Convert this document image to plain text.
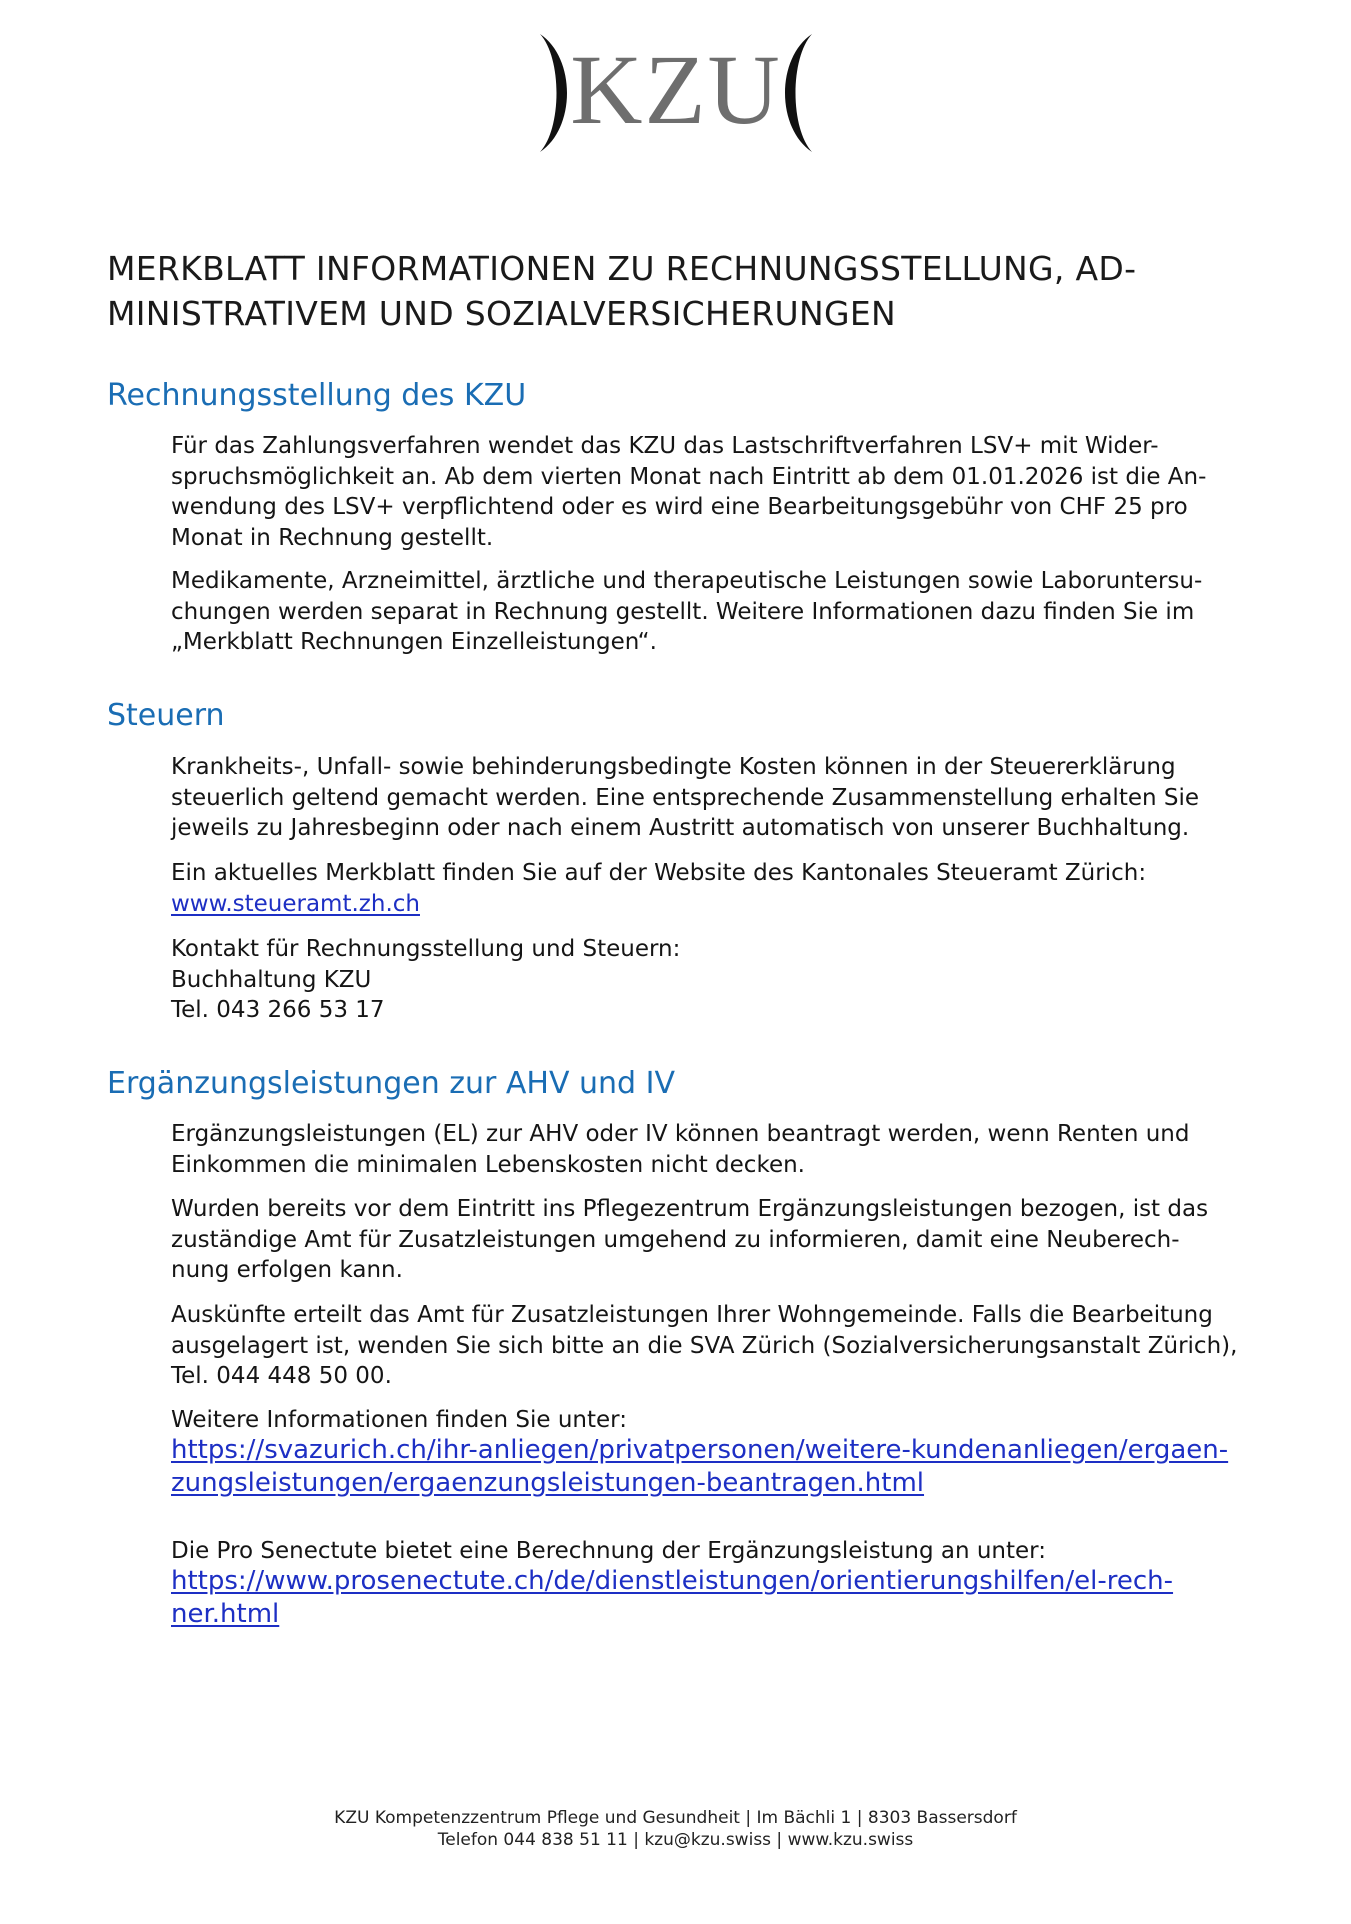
KZU
MERKBLATT INFORMATIONEN ZU RECHNUNGSSTELLUNG, AD-
MINISTRATIVEM UND SOZIALVERSICHERUNGEN
Rechnungsstellung des KZU

Für das Zahlungsverfahren wendet das KZU das Lastschriftverfahren LSV+ mit Wider-
spruchsmöglichkeit an. Ab dem vierten Monat nach Eintritt ab dem 01.01.2026 ist die An-
wendung des LSV+ verpflichtend oder es wird eine Bearbeitungsgebühr von CHF 25 pro
Monat in Rechnung gestellt.

Medikamente, Arzneimittel, ärztliche und therapeutische Leistungen sowie Laboruntersu-
chungen werden separat in Rechnung gestellt. Weitere Informationen dazu finden Sie im
„Merkblatt Rechnungen Einzelleistungen“.

Steuern

Krankheits-, Unfall- sowie behinderungsbedingte Kosten können in der Steuererklärung
steuerlich geltend gemacht werden. Eine entsprechende Zusammenstellung erhalten Sie
jeweils zu Jahresbeginn oder nach einem Austritt automatisch von unserer Buchhaltung.

Ein aktuelles Merkblatt finden Sie auf der Website des Kantonales Steueramt Zürich:
www.steueramt.zh.ch

Kontakt für Rechnungsstellung und Steuern:
Buchhaltung KZU
Tel. 043 266 53 17

Ergänzungsleistungen zur AHV und IV

Ergänzungsleistungen (EL) zur AHV oder IV können beantragt werden, wenn Renten und
Einkommen die minimalen Lebenskosten nicht decken.

Wurden bereits vor dem Eintritt ins Pflegezentrum Ergänzungsleistungen bezogen, ist das
zuständige Amt für Zusatzleistungen umgehend zu informieren, damit eine Neuberech-
nung erfolgen kann.

Auskünfte erteilt das Amt für Zusatzleistungen Ihrer Wohngemeinde. Falls die Bearbeitung
ausgelagert ist, wenden Sie sich bitte an die SVA Zürich (Sozialversicherungsanstalt Zürich),
Tel. 044 448 50 00.

Weitere Informationen finden Sie unter:

https://svazurich.ch/ihr-anliegen/privatpersonen/weitere-kundenanliegen/ergaen-
zungsleistungen/ergaenzungsleistungen-beantragen.html

Die Pro Senectute bietet eine Berechnung der Ergänzungsleistung an unter:

https://www.prosenectute.ch/de/dienstleistungen/orientierungshilfen/el-rech-
ner.html
KZU Kompetenzzentrum Pflege und Gesundheit | Im Bächli 1 | 8303 Bassersdorf
Telefon 044 838 51 11 | kzu@kzu.swiss | www.kzu.swiss
